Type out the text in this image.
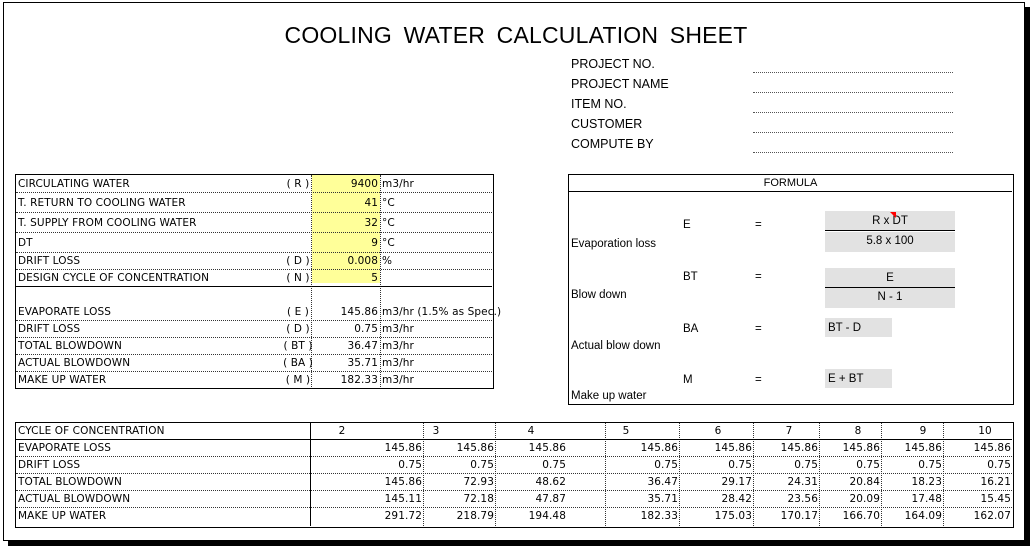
COOLING WATER CALCULATION SHEET
PROJECT NO.
PROJECT NAME
ITEM NO.
CUSTOMER
COMPUTE BY
CIRCULATING WATER	( R )	9400 m3/hr
T. RETURN TO COOLING WATER	41 °C
T. SUPPLY FROM COOLING WATER	32 °C
DT	9 °C
DRIFT LOSS	( D )	0.008 %
DESIGN CYCLE OF CONCENTRATION	( N )	5
EVAPORATE LOSS	( E )	145.86 m3/hr (1.5% as Spec.)
DRIFT LOSS	( D )	0.75 m3/hr
TOTAL BLOWDOWN	( BT )	36.47 m3/hr
ACTUAL BLOWDOWN	( BA )	35.71 m3/hr
MAKE UP WATER	( M )	182.33 m3/hr
FORMULA
E	=	R x DT
5.8 x 100
Evaporation loss
BT	=	E
N - 1
Blow down
BA	=	BT - D
Actual blow down
M	=	E + BT
Make up water
CYCLE OF CONCENTRATION	2	3	4	5	6	7	8	9	10
EVAPORATE LOSS	145.86	145.86	145.86	145.86	145.86	145.86	145.86	145.86	145.86
DRIFT LOSS	0.75	0.75	0.75	0.75	0.75	0.75	0.75	0.75	0.75
TOTAL BLOWDOWN	145.86	72.93	48.62	36.47	29.17	24.31	20.84	18.23	16.21
ACTUAL BLOWDOWN	145.11	72.18	47.87	35.71	28.42	23.56	20.09	17.48	15.45
MAKE UP WATER	291.72	218.79	194.48	182.33	175.03	170.17	166.70	164.09	162.07
